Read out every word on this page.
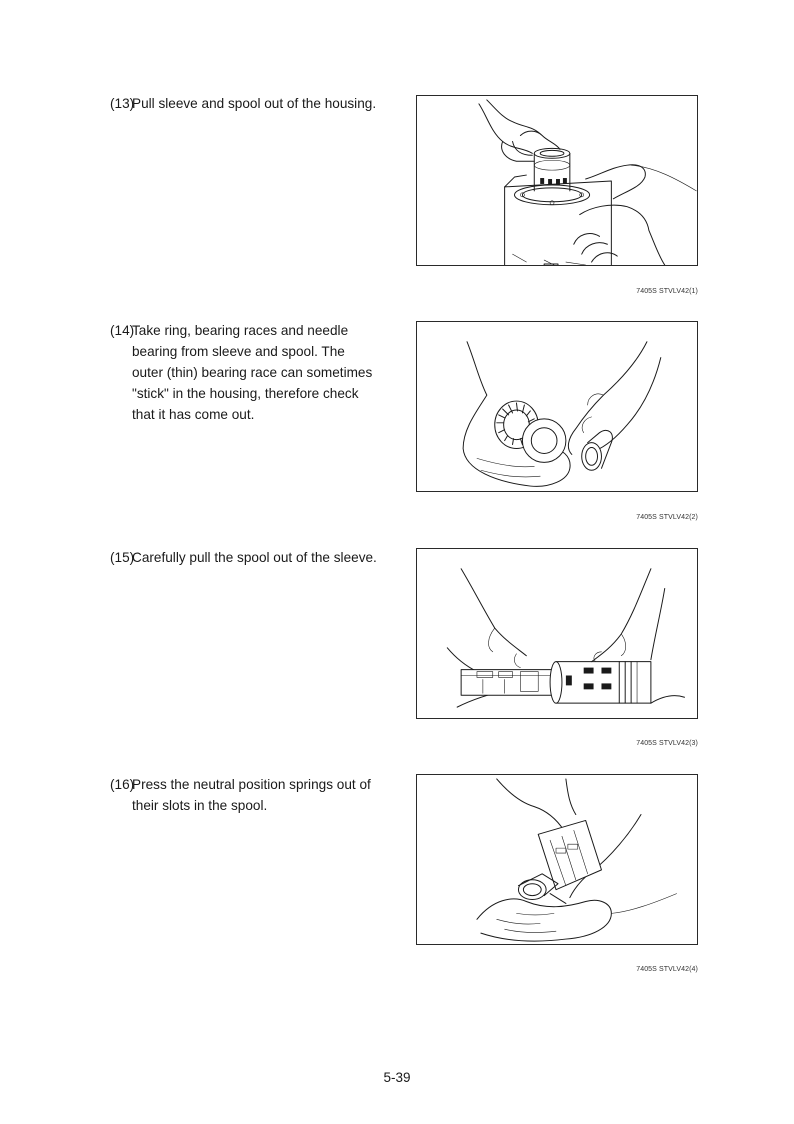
(13)
Pull sleeve and spool out of the housing.
7405S STVLV42(1)
(14)
Take ring, bearing races and needle bearing from sleeve and spool. The outer (thin) bearing race can sometimes "stick" in the housing, therefore check that it has come out.
7405S STVLV42(2)
(15)
Carefully pull the spool out of the sleeve.
7405S STVLV42(3)
(16)
Press the neutral position springs out of their slots in the spool.
7405S STVLV42(4)
5-39
